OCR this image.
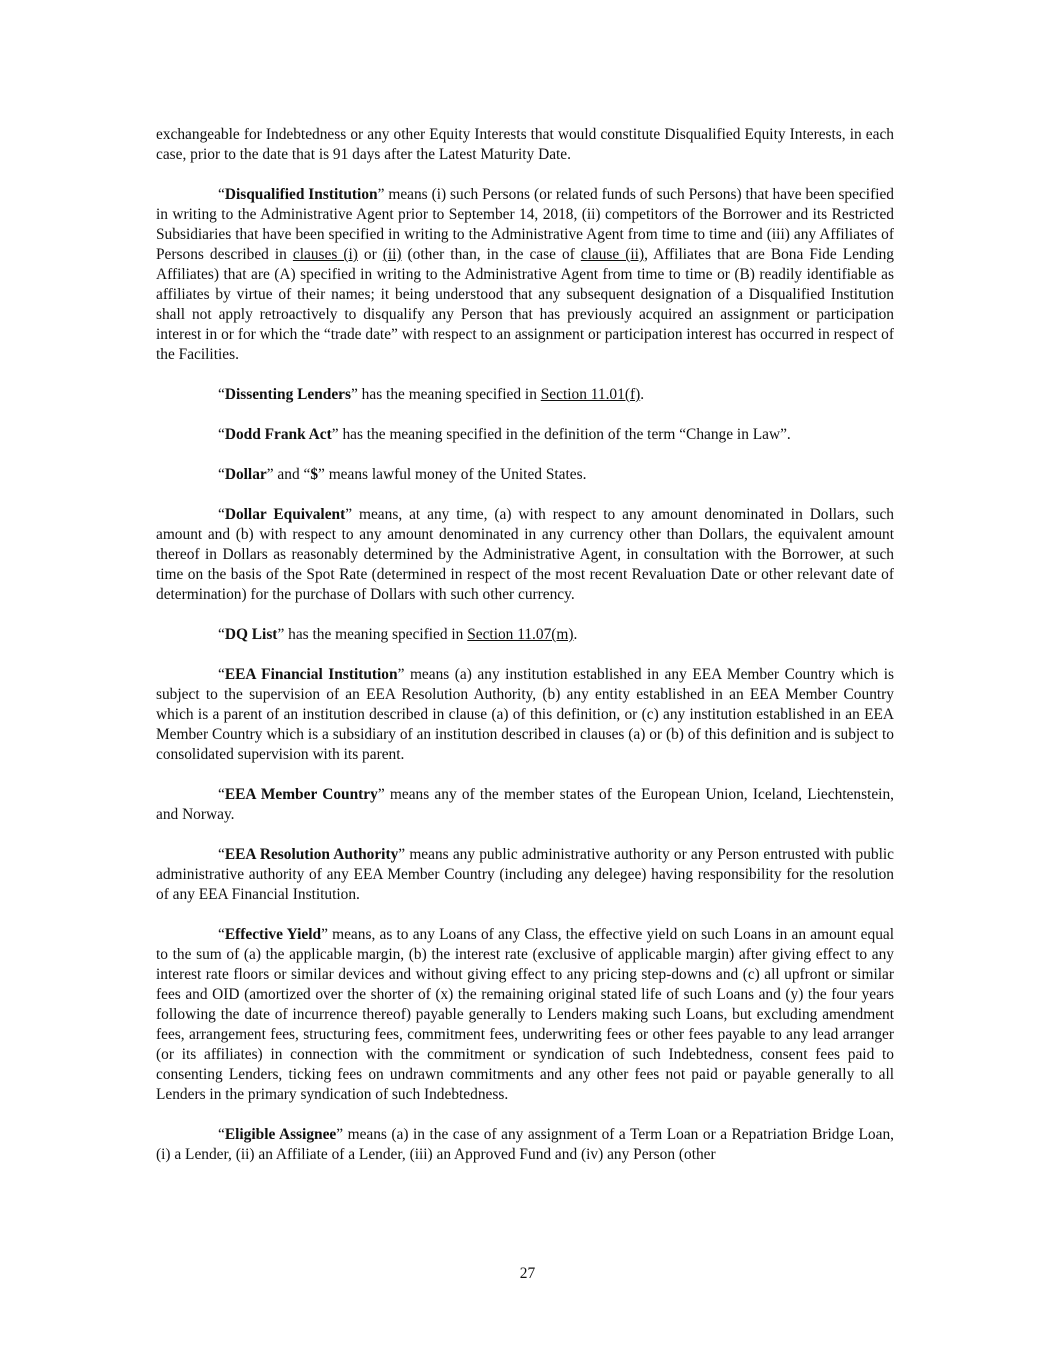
exchangeable for Indebtedness or any other Equity Interests that would constitute Disqualified Equity Interests, in each case, prior to the date that is 91 days after the Latest Maturity Date.

“Disqualified Institution” means (i) such Persons (or related funds of such Persons) that have been specified in writing to the Administrative Agent prior to September 14, 2018, (ii) competitors of the Borrower and its Restricted Subsidiaries that have been specified in writing to the Administrative Agent from time to time and (iii) any Affiliates of Persons described in clauses (i) or (ii) (other than, in the case of clause (ii), Affiliates that are Bona Fide Lending Affiliates) that are (A) specified in writing to the Administrative Agent from time to time or (B) readily identifiable as affiliates by virtue of their names; it being understood that any subsequent designation of a Disqualified Institution shall not apply retroactively to disqualify any Person that has previously acquired an assignment or participation interest in or for which the “trade date” with respect to an assignment or participation interest has occurred in respect of the Facilities.

“Dissenting Lenders” has the meaning specified in Section 11.01(f).

“Dodd Frank Act” has the meaning specified in the definition of the term “Change in Law”.

“Dollar” and “$” means lawful money of the United States.

“Dollar Equivalent” means, at any time, (a) with respect to any amount denominated in Dollars, such amount and (b) with respect to any amount denominated in any currency other than Dollars, the equivalent amount thereof in Dollars as reasonably determined by the Administrative Agent, in consultation with the Borrower, at such time on the basis of the Spot Rate (determined in respect of the most recent Revaluation Date or other relevant date of determination) for the purchase of Dollars with such other currency.

“DQ List” has the meaning specified in Section 11.07(m).

“EEA Financial Institution” means (a) any institution established in any EEA Member Country which is subject to the supervision of an EEA Resolution Authority, (b) any entity established in an EEA Member Country which is a parent of an institution described in clause (a) of this definition, or (c) any institution established in an EEA Member Country which is a subsidiary of an institution described in clauses (a) or (b) of this definition and is subject to consolidated supervision with its parent.

“EEA Member Country” means any of the member states of the European Union, Iceland, Liechtenstein, and Norway.

“EEA Resolution Authority” means any public administrative authority or any Person entrusted with public administrative authority of any EEA Member Country (including any delegee) having responsibility for the resolution of any EEA Financial Institution.

“Effective Yield” means, as to any Loans of any Class, the effective yield on such Loans in an amount equal to the sum of (a) the applicable margin, (b) the interest rate (exclusive of applicable margin) after giving effect to any interest rate floors or similar devices and without giving effect to any pricing step-downs and (c) all upfront or similar fees and OID (amortized over the shorter of (x) the remaining original stated life of such Loans and (y) the four years following the date of incurrence thereof) payable generally to Lenders making such Loans, but excluding amendment fees, arrangement fees, structuring fees, commitment fees, underwriting fees or other fees payable to any lead arranger (or its affiliates) in connection with the commitment or syndication of such Indebtedness, consent fees paid to consenting Lenders, ticking fees on undrawn commitments and any other fees not paid or payable generally to all Lenders in the primary syndication of such Indebtedness.

“Eligible Assignee” means (a) in the case of any assignment of a Term Loan or a Repatriation Bridge Loan, (i) a Lender, (ii) an Affiliate of a Lender, (iii) an Approved Fund and (iv) any Person (other

27
